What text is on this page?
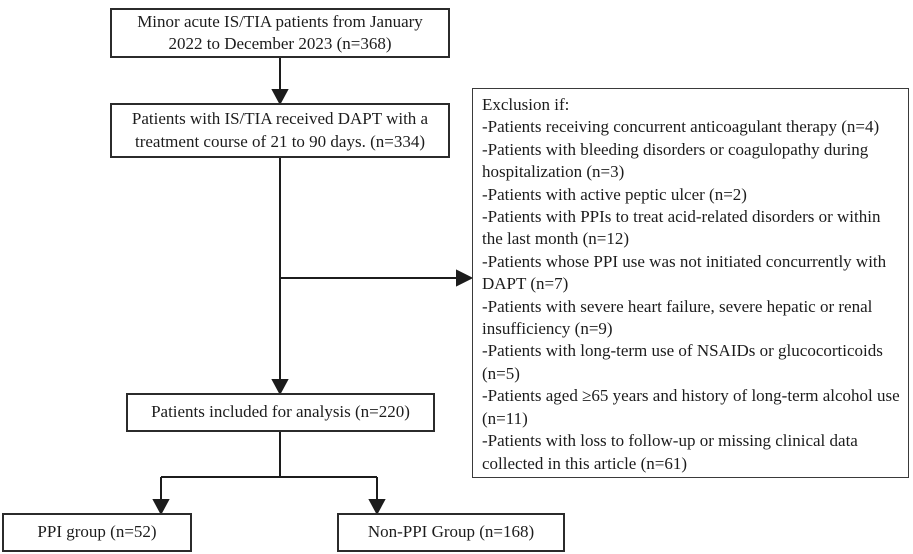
Minor acute IS/TIA patients from January 2022 to December 2023 (n=368)
Patients with IS/TIA received DAPT with a treatment course of 21 to 90 days. (n=334)

Exclusion if:

-Patients receiving concurrent anticoagulant therapy (n=4)

-Patients with bleeding disorders or coagulopathy during hospitalization (n=3)

-Patients with active peptic ulcer (n=2)

-Patients with PPIs to treat acid-related disorders or within the last month (n=12)

-Patients whose PPI use was not initiated concurrently with DAPT (n=7)

-Patients with severe heart failure, severe hepatic or renal insufficiency (n=9)

-Patients with long-term use of NSAIDs or glucocorticoids (n=5)

-Patients aged ≥65 years and history of long-term alcohol use (n=11)

-Patients with loss to follow-up or missing clinical data collected in this article (n=61)

Patients included for analysis (n=220)
PPI group (n=52)	Non-PPI Group (n=168)
